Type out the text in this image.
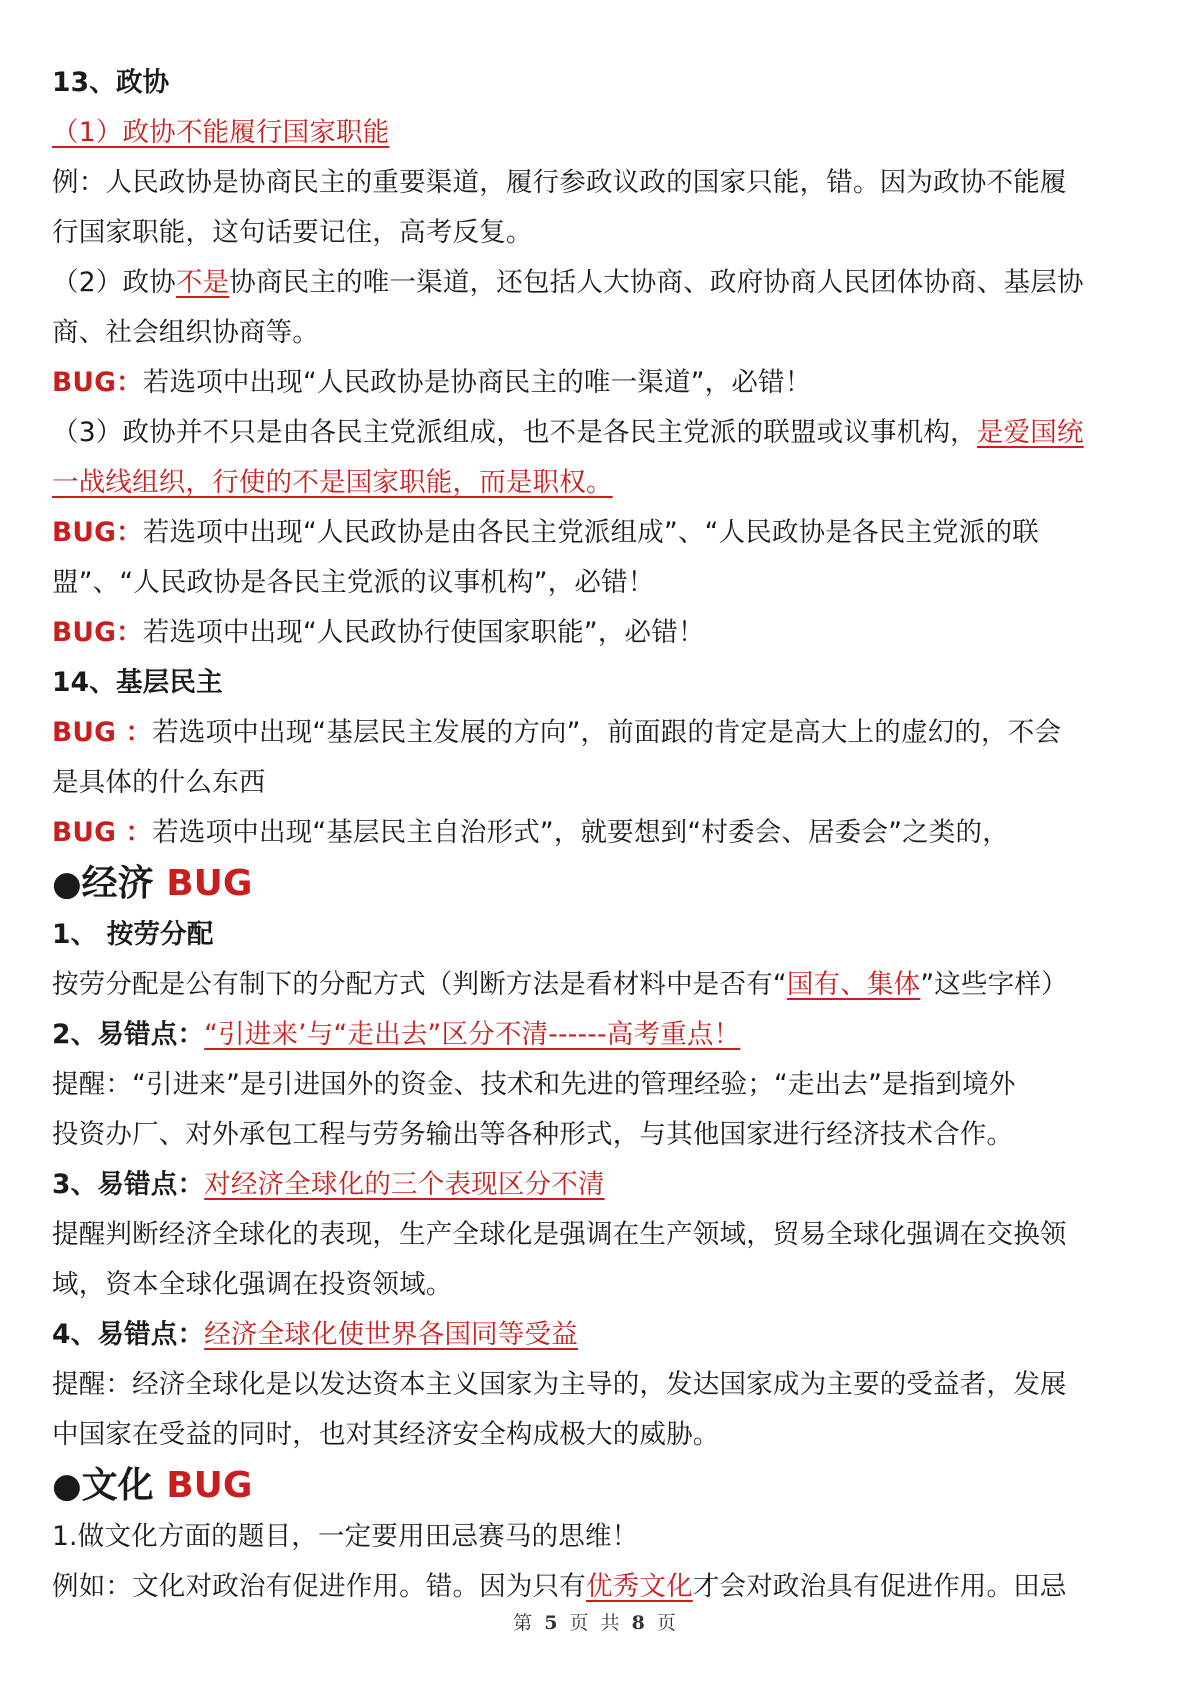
13、政协
（1）政协不能履行国家职能
例：人民政协是协商民主的重要渠道，履行参政议政的国家只能，错。因为政协不能履
行国家职能，这句话要记住，高考反复。
（2）政协不是协商民主的唯一渠道，还包括人大协商、政府协商人民团体协商、基层协
商、社会组织协商等。
BUG：若选项中出现“人民政协是协商民主的唯一渠道”，必错！
（3）政协并不只是由各民主党派组成，也不是各民主党派的联盟或议事机构，是爱国统
一战线组织，行使的不是国家职能，而是职权。
BUG：若选项中出现“人民政协是由各民主党派组成”、“人民政协是各民主党派的联
盟”、“人民政协是各民主党派的议事机构”，必错！
BUG：若选项中出现“人民政协行使国家职能”，必错！
14、基层民主
BUG ：若选项中出现“基层民主发展的方向”，前面跟的肯定是高大上的虚幻的，不会
是具体的什么东西
BUG ：若选项中出现“基层民主自治形式”，就要想到“村委会、居委会”之类的，
●经济 BUG
1、 按劳分配
按劳分配是公有制下的分配方式（判断方法是看材料中是否有“国有、集体”这些字样）
2、易错点：“引进来’与“走出去”区分不清------高考重点！
提醒：“引进来”是引进国外的资金、技术和先进的管理经验；“走出去”是指到境外
投资办厂、对外承包工程与劳务输出等各种形式，与其他国家进行经济技术合作。
3、易错点：对经济全球化的三个表现区分不清
提醒判断经济全球化的表现，生产全球化是强调在生产领域，贸易全球化强调在交换领
域，资本全球化强调在投资领域。
4、易错点：经济全球化使世界各国同等受益
提醒：经济全球化是以发达资本主义国家为主导的，发达国家成为主要的受益者，发展
中国家在受益的同时，也对其经济安全构成极大的威胁。
●文化 BUG
1.做文化方面的题目，一定要用田忌赛马的思维！
例如：文化对政治有促进作用。错。因为只有优秀文化才会对政治具有促进作用。田忌
第 5 页 共 8 页
